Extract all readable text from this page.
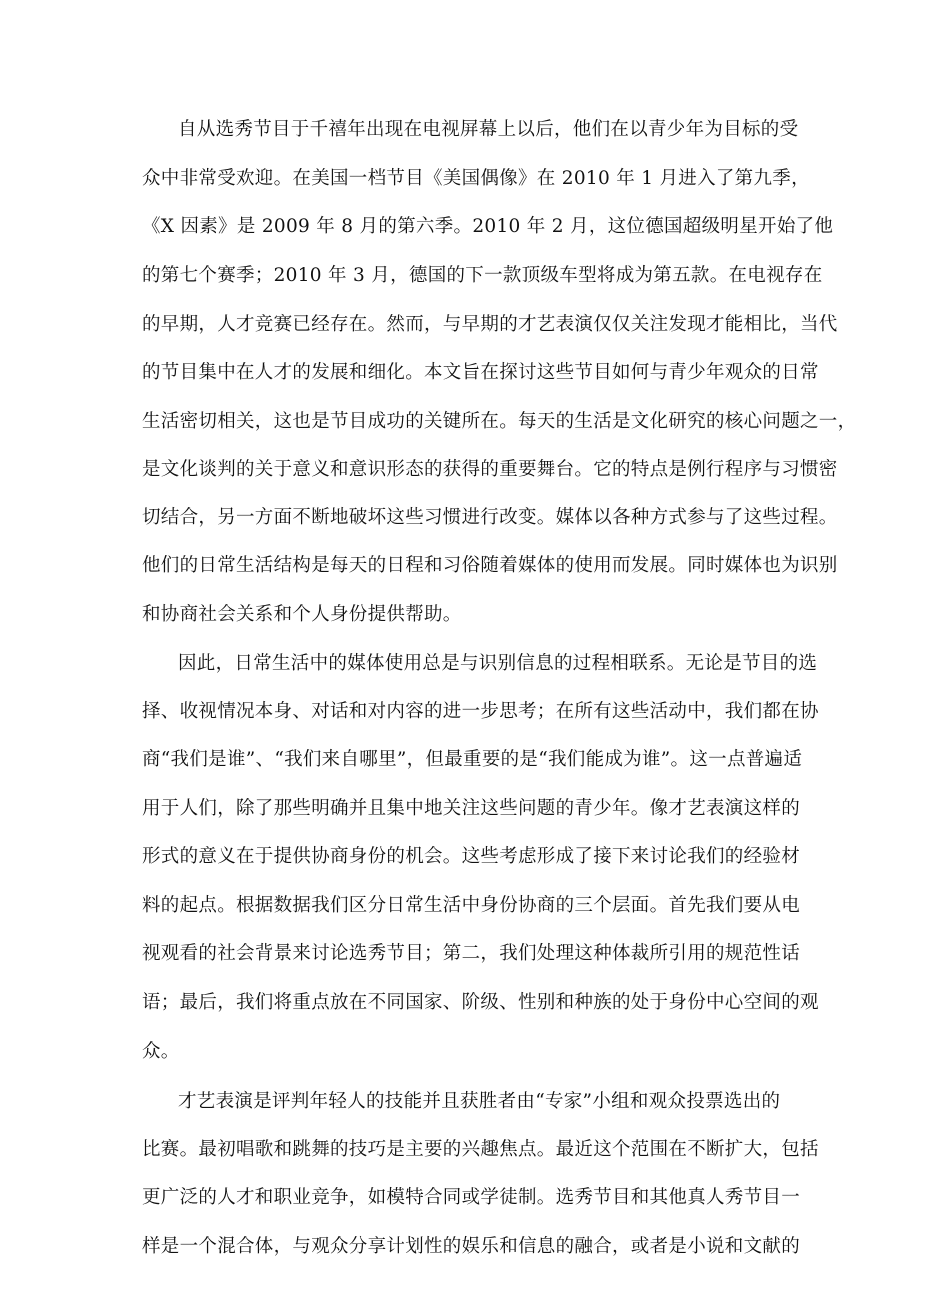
自从选秀节目于千禧年出现在电视屏幕上以后，他们在以青少年为目标的受
众中非常受欢迎。在美国一档节目《美国偶像》在 2010 年 1 月进入了第九季，
《X 因素》是 2009 年 8 月的第六季。2010 年 2 月，这位德国超级明星开始了他
的第七个赛季；2010 年 3 月，德国的下一款顶级车型将成为第五款。在电视存在
的早期，人才竞赛已经存在。然而，与早期的才艺表演仅仅关注发现才能相比，当代
的节目集中在人才的发展和细化。本文旨在探讨这些节目如何与青少年观众的日常
生活密切相关，这也是节目成功的关键所在。每天的生活是文化研究的核心问题之一，
是文化谈判的关于意义和意识形态的获得的重要舞台。它的特点是例行程序与习惯密
切结合，另一方面不断地破坏这些习惯进行改变。媒体以各种方式参与了这些过程。
他们的日常生活结构是每天的日程和习俗随着媒体的使用而发展。同时媒体也为识别
和协商社会关系和个人身份提供帮助。
因此，日常生活中的媒体使用总是与识别信息的过程相联系。无论是节目的选
择、收视情况本身、对话和对内容的进一步思考；在所有这些活动中，我们都在协
商“我们是谁”、“我们来自哪里”，但最重要的是“我们能成为谁”。这一点普遍适
用于人们，除了那些明确并且集中地关注这些问题的青少年。像才艺表演这样的
形式的意义在于提供协商身份的机会。这些考虑形成了接下来讨论我们的经验材
料的起点。根据数据我们区分日常生活中身份协商的三个层面。首先我们要从电
视观看的社会背景来讨论选秀节目；第二，我们处理这种体裁所引用的规范性话
语；最后，我们将重点放在不同国家、阶级、性别和种族的处于身份中心空间的观
众。
才艺表演是评判年轻人的技能并且获胜者由“专家”小组和观众投票选出的
比赛。最初唱歌和跳舞的技巧是主要的兴趣焦点。最近这个范围在不断扩大，包括
更广泛的人才和职业竞争，如模特合同或学徒制。选秀节目和其他真人秀节目一
样是一个混合体，与观众分享计划性的娱乐和信息的融合，或者是小说和文献的
